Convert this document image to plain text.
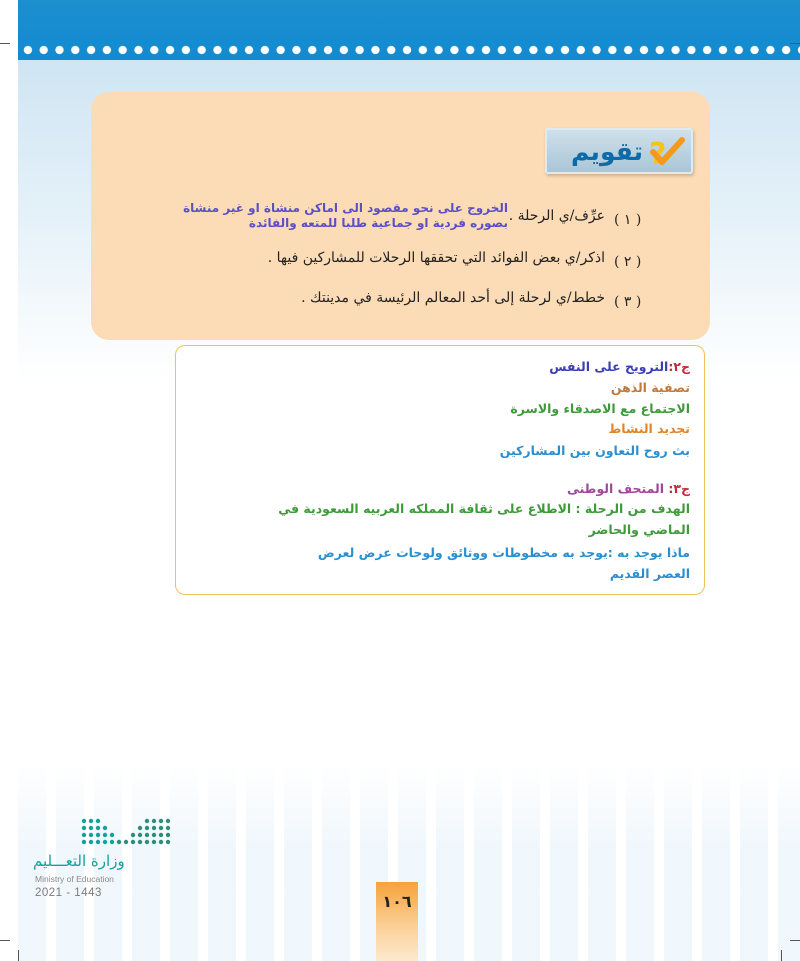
تقويم ?
( ١ )
عرِّف/ي الرحلة .
الخروج على نحو مقصود الى اماكن منشاة او غير منشاة
بصوره فردية او جماعية طلبا للمتعه والفائدة
( ٢ )
اذكر/ي بعض الفوائد التي تحققها الرحلات للمشاركين فيها .
( ٣ )
خطط/ي لرحلة إلى أحد المعالم الرئيسة في مدينتك .
ج٢:الترويح على النفس
تصفية الذهن
الاجتماع مع الاصدقاء والاسرة
تجديد النشاط
بث روح التعاون بين المشاركين
ج٣: المتحف الوطنى
الهدف من الرحلة : الاطلاع على ثقافة المملكه العربيه السعودية في
الماضي والحاضر
ماذا يوجد به :يوجد به مخطوطات ووثائق ولوحات عرض لعرض
العصر القديم
وزارة التعـــليم
Ministry of Education
2021 - 1443	١٠٦
